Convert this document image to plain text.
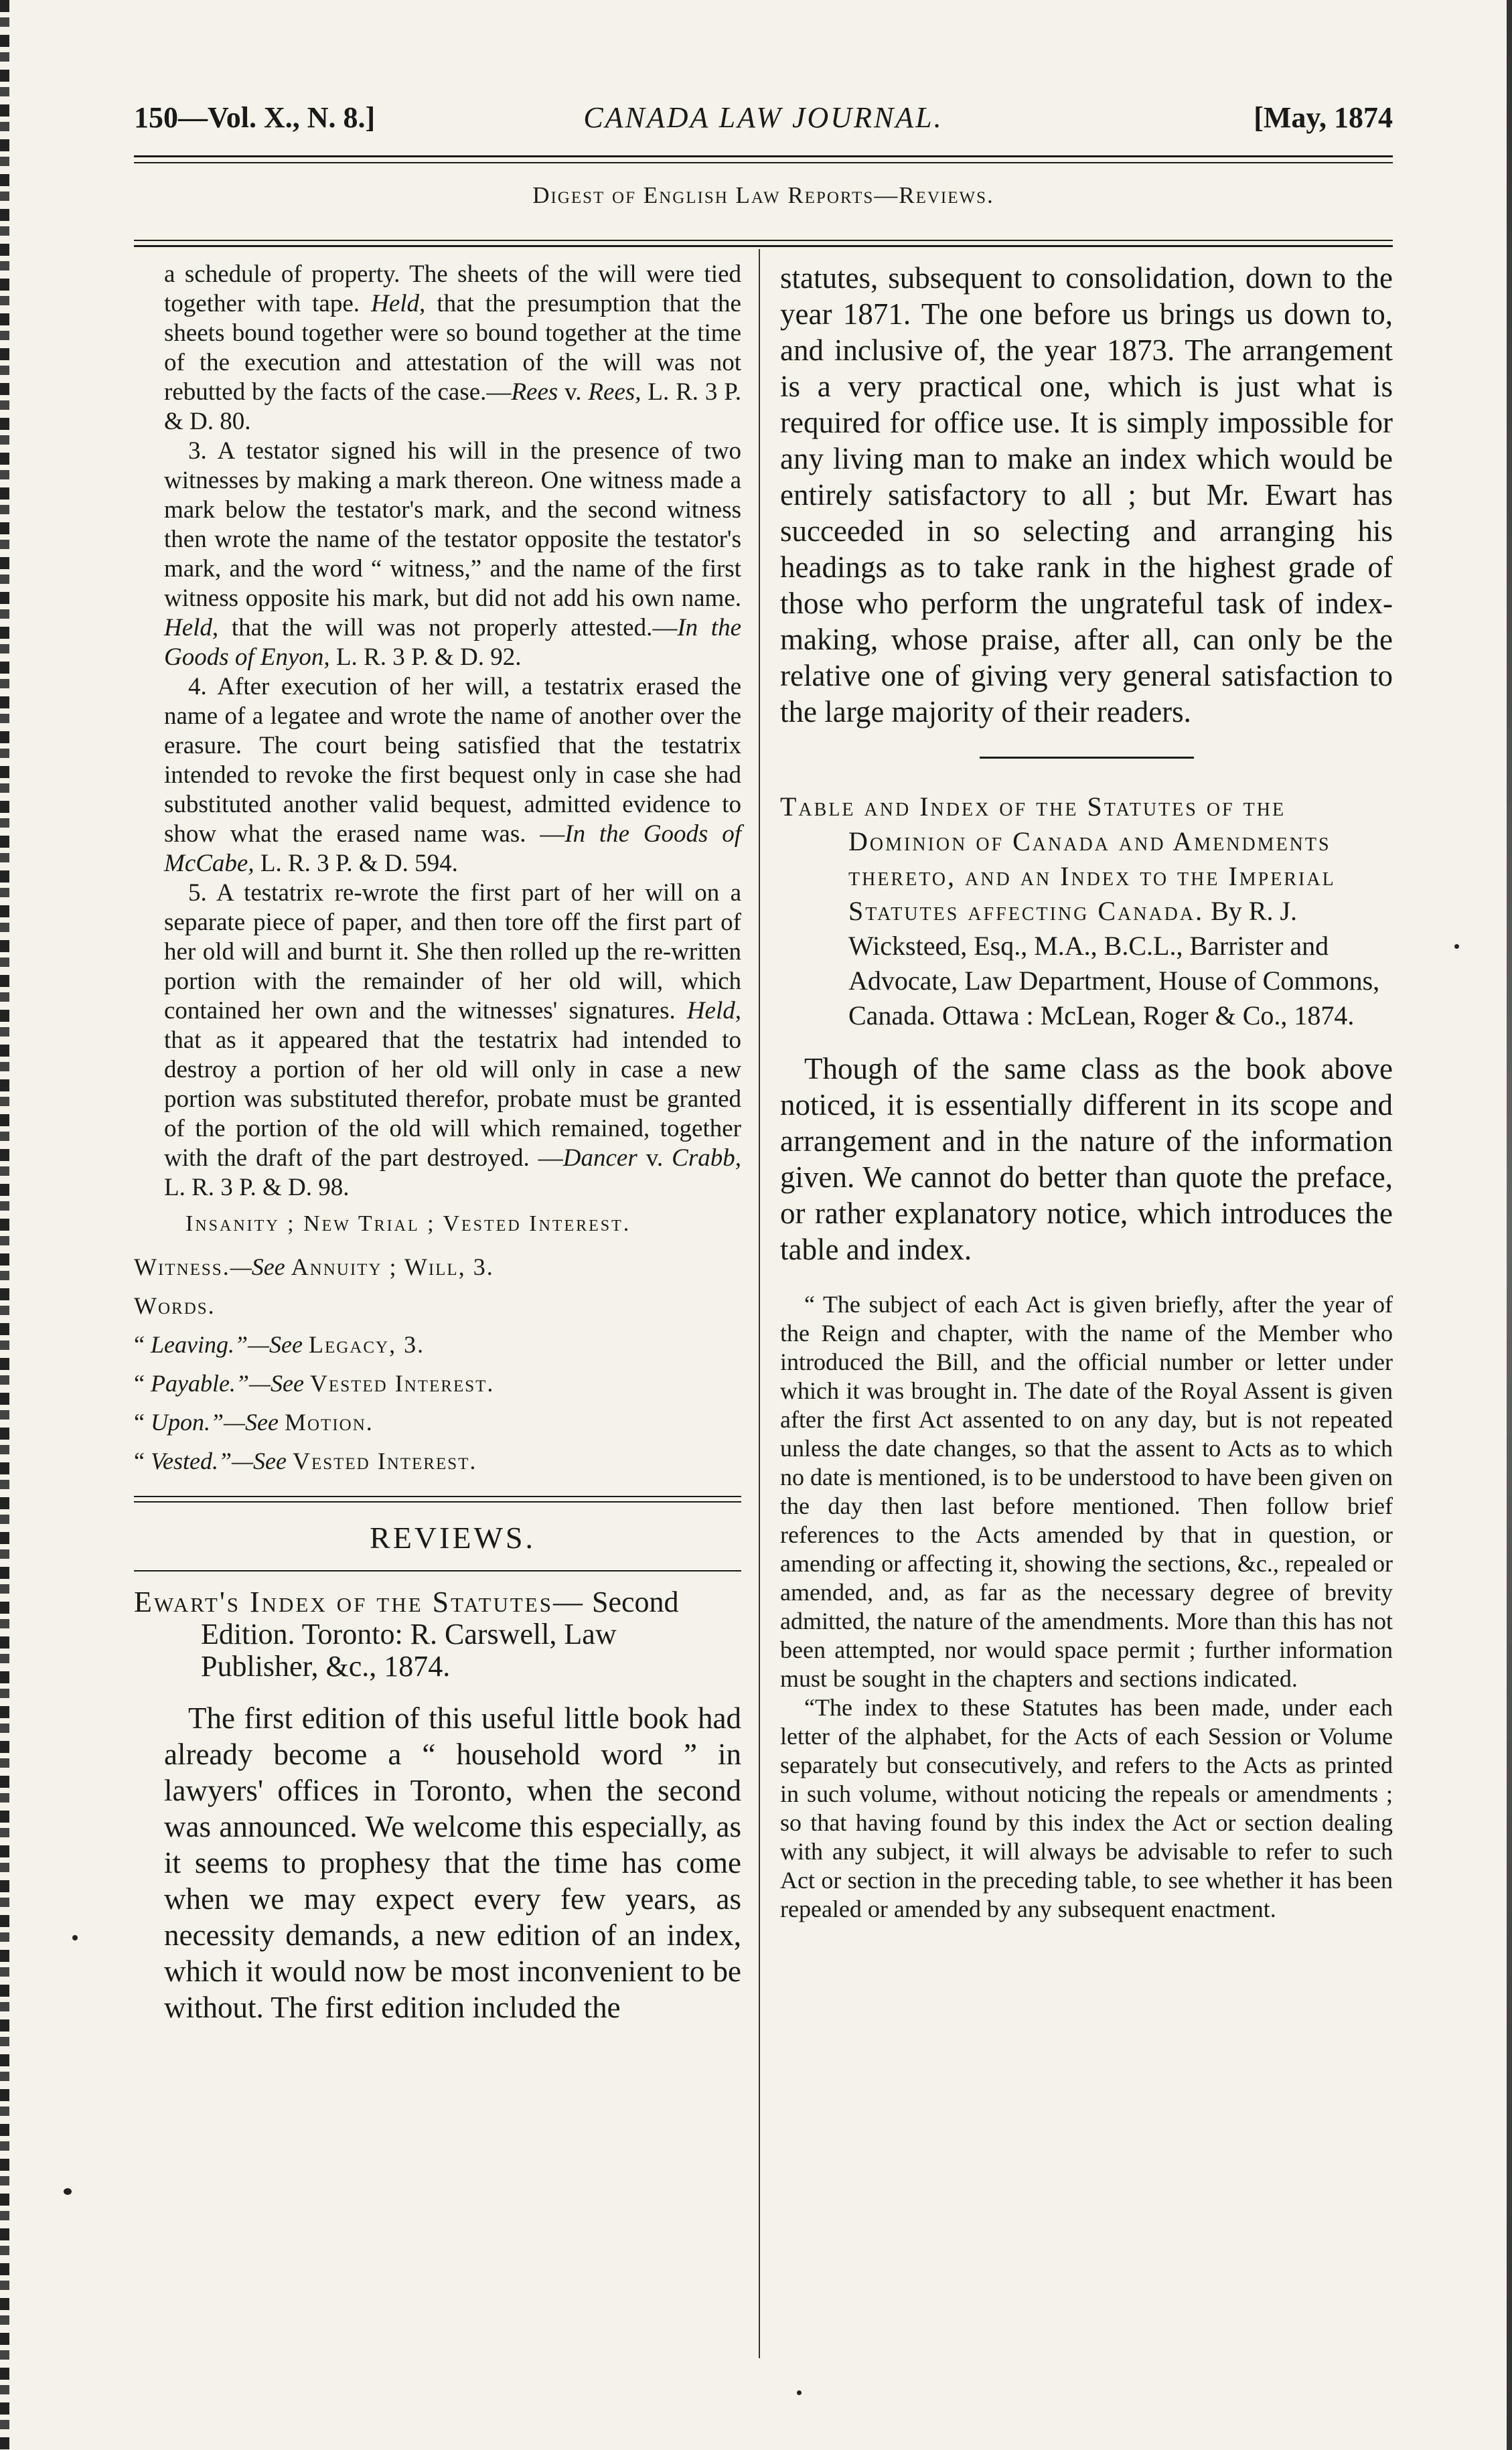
150—Vol. X., N. 8.]	CANADA LAW JOURNAL.	[May, 1874
Digest of English Law Reports—Reviews.

a schedule of property. The sheets of the will were tied together with tape. Held, that the presumption that the sheets bound together were so bound together at the time of the execution and attestation of the will was not rebutted by the facts of the case.—Rees v. Rees, L. R. 3 P. & D. 80.

3. A testator signed his will in the presence of two witnesses by making a mark thereon. One witness made a mark below the testator's mark, and the second witness then wrote the name of the testator opposite the testator's mark, and the word “ witness,” and the name of the first witness opposite his mark, but did not add his own name. Held, that the will was not properly attested.—In the Goods of Enyon, L. R. 3 P. & D. 92.

4. After execution of her will, a testatrix erased the name of a legatee and wrote the name of another over the erasure. The court being satisfied that the testatrix intended to revoke the first bequest only in case she had substituted another valid bequest, admitted evidence to show what the erased name was. —In the Goods of McCabe, L. R. 3 P. & D. 594.

5. A testatrix re-wrote the first part of her will on a separate piece of paper, and then tore off the first part of her old will and burnt it. She then rolled up the re-written portion with the remainder of her old will, which contained her own and the witnesses' signatures. Held, that as it appeared that the testatrix had intended to destroy a portion of her old will only in case a new portion was substituted therefor, probate must be granted of the portion of the old will which remained, together with the draft of the part destroyed. —Dancer v. Crabb, L. R. 3 P. & D. 98.

Insanity ; New Trial ; Vested Interest.

Witness.—See Annuity ; Will, 3.

Words.

“ Leaving.”—See Legacy, 3.

“ Payable.”—See Vested Interest.

“ Upon.”—See Motion.

“ Vested.”—See Vested Interest.

REVIEWS.

Ewart's Index of the Statutes— Second Edition. Toronto: R. Carswell, Law Publisher, &c., 1874.

The first edition of this useful little book had already become a “ household word ” in lawyers' offices in Toronto, when the second was announced. We welcome this especially, as it seems to prophesy that the time has come when we may expect every few years, as necessity demands, a new edition of an index, which it would now be most inconvenient to be without. The first edition included the

statutes, subsequent to consolidation, down to the year 1871. The one before us brings us down to, and inclusive of, the year 1873. The arrangement is a very practical one, which is just what is required for office use. It is simply impossible for any living man to make an index which would be entirely satisfactory to all ; but Mr. Ewart has succeeded in so selecting and arranging his headings as to take rank in the highest grade of those who perform the ungrateful task of index-making, whose praise, after all, can only be the relative one of giving very general satisfaction to the large majority of their readers.

Table and Index of the Statutes of the Dominion of Canada and Amendments thereto, and an Index to the Imperial Statutes affecting Canada. By R. J. Wicksteed, Esq., M.A., B.C.L., Barrister and Advocate, Law Department, House of Commons, Canada. Ottawa : McLean, Roger & Co., 1874.

Though of the same class as the book above noticed, it is essentially different in its scope and arrangement and in the nature of the information given. We cannot do better than quote the preface, or rather explanatory notice, which introduces the table and index.

“ The subject of each Act is given briefly, after the year of the Reign and chapter, with the name of the Member who introduced the Bill, and the official number or letter under which it was brought in. The date of the Royal Assent is given after the first Act assented to on any day, but is not repeated unless the date changes, so that the assent to Acts as to which no date is mentioned, is to be understood to have been given on the day then last before mentioned. Then follow brief references to the Acts amended by that in question, or amending or affecting it, showing the sections, &c., repealed or amended, and, as far as the necessary degree of brevity admitted, the nature of the amendments. More than this has not been attempted, nor would space permit ; further information must be sought in the chapters and sections indicated.

“The index to these Statutes has been made, under each letter of the alphabet, for the Acts of each Session or Volume separately but consecutively, and refers to the Acts as printed in such volume, without noticing the repeals or amendments ; so that having found by this index the Act or section dealing with any subject, it will always be advisable to refer to such Act or section in the preceding table, to see whether it has been repealed or amended by any subsequent enactment.
